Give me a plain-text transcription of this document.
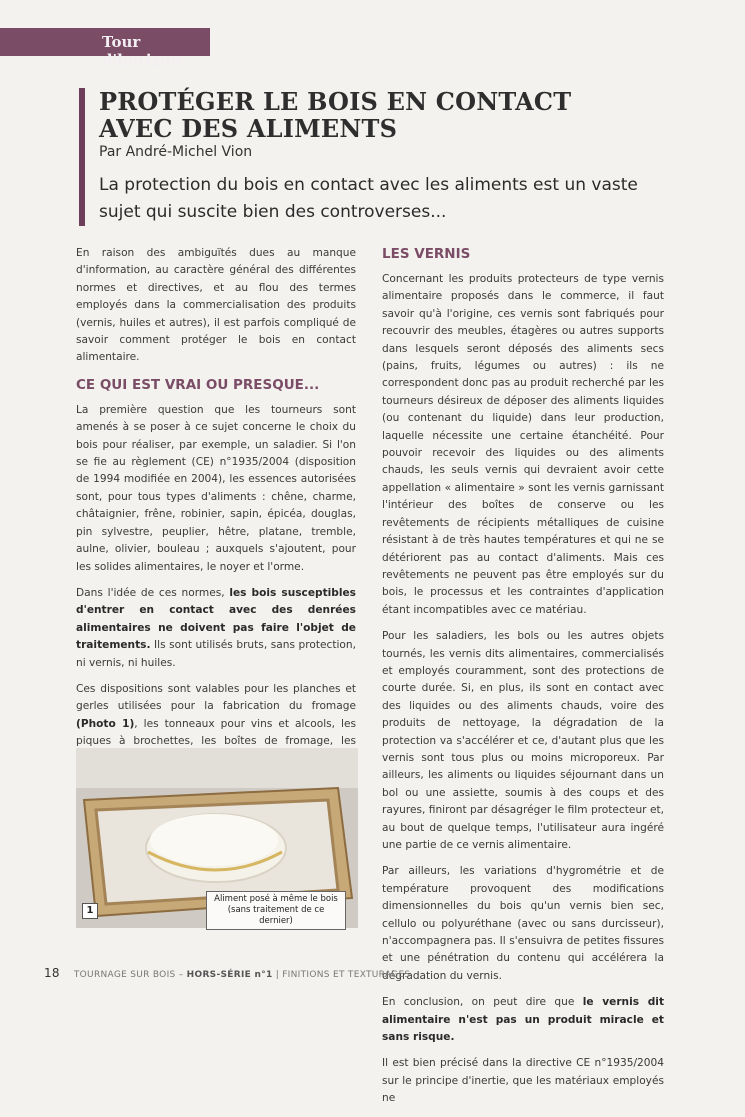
Tour d'horizon
PROTÉGER LE BOIS EN CONTACT
AVEC DES ALIMENTS
Par André-Michel Vion
La protection du bois en contact avec les aliments est un vaste
sujet qui suscite bien des controverses...

En raison des ambiguïtés dues au manque d'information, au caractère général des différentes normes et directives, et au flou des termes employés dans la commercialisation des produits (vernis, huiles et autres), il est parfois compliqué de savoir comment protéger le bois en contact alimentaire.

CE QUI EST VRAI OU PRESQUE...

La première question que les tourneurs sont amenés à se poser à ce sujet concerne le choix du bois pour réaliser, par exemple, un saladier. Si l'on se fie au règlement (CE) n°1935/2004 (disposition de 1994 modifiée en 2004), les essences autorisées sont, pour tous types d'aliments : chêne, charme, châtaignier, frêne, robinier, sapin, épicéa, douglas, pin sylvestre, peuplier, hêtre, platane, tremble, aulne, olivier, bouleau ; auxquels s'ajoutent, pour les solides alimentaires, le noyer et l'orme.

Dans l'idée de ces normes, les bois susceptibles d'entrer en contact avec des denrées alimentaires ne doivent pas faire l'objet de traitements. Ils sont utilisés bruts, sans protection, ni vernis, ni huiles.

Ces dispositions sont valables pour les planches et gerles utilisées pour la fabrication du fromage (Photo 1), les tonneaux pour vins et alcools, les piques à brochettes, les boîtes de fromage, les

1
Aliment posé à même le bois
(sans traitement de ce dernier)
LES VERNIS

Concernant les produits protecteurs de type vernis alimentaire proposés dans le commerce, il faut savoir qu'à l'origine, ces vernis sont fabriqués pour recouvrir des meubles, étagères ou autres supports dans lesquels seront déposés des aliments secs (pains, fruits, légumes ou autres) : ils ne correspondent donc pas au produit recherché par les tourneurs désireux de déposer des aliments liquides (ou contenant du liquide) dans leur production, laquelle nécessite une certaine étanchéité. Pour pouvoir recevoir des liquides ou des aliments chauds, les seuls vernis qui devraient avoir cette appellation « alimentaire » sont les vernis garnissant l'intérieur des boîtes de conserve ou les revêtements de récipients métalliques de cuisine résistant à de très hautes températures et qui ne se détériorent pas au contact d'aliments. Mais ces revêtements ne peuvent pas être employés sur du bois, le processus et les contraintes d'application étant incompatibles avec ce matériau.

Pour les saladiers, les bols ou les autres objets tournés, les vernis dits alimentaires, commercialisés et employés couramment, sont des protections de courte durée. Si, en plus, ils sont en contact avec des liquides ou des aliments chauds, voire des produits de nettoyage, la dégradation de la protection va s'accélérer et ce, d'autant plus que les vernis sont tous plus ou moins microporeux. Par ailleurs, les aliments ou liquides séjournant dans un bol ou une assiette, soumis à des coups et des rayures, finiront par désagréger le film protecteur et, au bout de quelque temps, l'utilisateur aura ingéré une partie de ce vernis alimentaire.

Par ailleurs, les variations d'hygrométrie et de température provoquent des modifications dimensionnelles du bois qu'un vernis bien sec, cellulo ou polyuréthane (avec ou sans durcisseur), n'accompagnera pas. Il s'ensuivra de petites fissures et une pénétration du contenu qui accélérera la dégradation du vernis.

En conclusion, on peut dire que le vernis dit alimentaire n'est pas un produit miracle et sans risque.

Il est bien précisé dans la directive CE n°1935/2004 sur le principe d'inertie, que les matériaux employés ne

18 TOURNAGE SUR BOIS – HORS-SÉRIE n°1 | FINITIONS ET TEXTURAGES
